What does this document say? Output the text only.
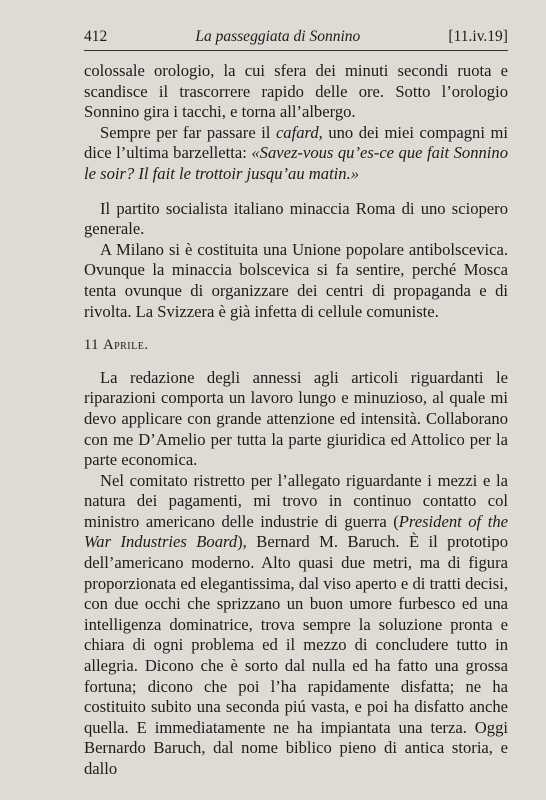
412	La passeggiata di Sonnino	[11.iv.19]

colossale orologio, la cui sfera dei minuti secondi ruota e scandisce il trascorrere rapido delle ore. Sotto l’orologio Sonnino gira i tacchi, e torna all’albergo.

Sempre per far passare il cafard, uno dei miei compagni mi dice l’ultima barzelletta: «Savez-vous qu’es-ce que fait Sonnino le soir? Il fait le trottoir jusqu’au matin.»

Il partito socialista italiano minaccia Roma di uno sciopero generale.

A Milano si è costituita una Unione popolare antibolscevica. Ovunque la minaccia bolscevica si fa sentire, perché Mosca tenta ovunque di organizzare dei centri di propaganda e di rivolta. La Svizzera è già infetta di cellule comuniste.

11 Aprile.

La redazione degli annessi agli articoli riguardanti le riparazioni comporta un lavoro lungo e minuzioso, al quale mi devo applicare con grande attenzione ed intensità. Collaborano con me D’Amelio per tutta la parte giuridica ed Attolico per la parte economica.

Nel comitato ristretto per l’allegato riguardante i mezzi e la natura dei pagamenti, mi trovo in continuo contatto col ministro americano delle industrie di guerra (President of the War Industries Board), Bernard M. Baruch. È il prototipo dell’americano moderno. Alto quasi due metri, ma di figura proporzionata ed elegantissima, dal viso aperto e di tratti decisi, con due occhi che sprizzano un buon umore furbesco ed una intelligenza dominatrice, trova sempre la soluzione pronta e chiara di ogni problema ed il mezzo di concludere tutto in allegria. Dicono che è sorto dal nulla ed ha fatto una grossa fortuna; dicono che poi l’ha rapidamente disfatta; ne ha costituito subito una seconda piú vasta, e poi ha disfatto anche quella. E immediatamente ne ha impiantata una terza. Oggi Bernardo Baruch, dal nome biblico pieno di antica storia, e dallo
